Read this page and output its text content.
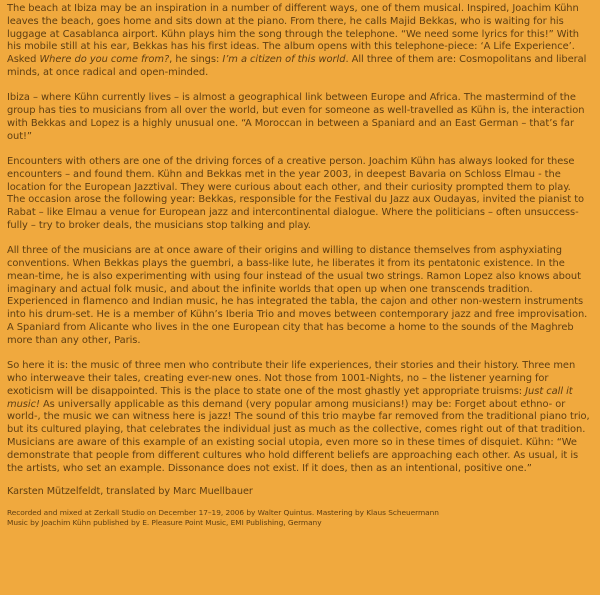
The beach at Ibiza may be an inspiration in a number of different ways, one of them musical. Inspired, Joachim Kühn leaves the beach, goes home and sits down at the piano. From there, he calls Majid Bekkas, who is waiting for his luggage at Casablanca airport. Kühn plays him the song through the telephone. “We need some lyrics for this!” With his mobile still at his ear, Bekkas has his first ideas. The album opens with this telephone-piece: ‘A Life Experience’. Asked Where do you come from?, he sings: I’m a citizen of this world. All three of them are: Cosmopolitans and liberal minds, at once radical and open-minded.

Ibiza – where Kühn currently lives – is almost a geographical link between Europe and Africa. The mastermind of the group has ties to musicians from all over the world, but even for someone as well-travelled as Kühn is, the interaction with Bekkas and Lopez is a highly unusual one. “A Moroccan in between a Spaniard and an East German – that’s far out!”

Encounters with others are one of the driving forces of a creative person. Joachim Kühn has always looked for these encounters – and found them. Kühn and Bekkas met in the year 2003, in deepest Bavaria on Schloss Elmau - the location for the European Jazztival. They were curious about each other, and their curiosity prompted them to play. The occasion arose the following year: Bekkas, responsible for the Festival du Jazz aux Oudayas, invited the pianist to Rabat – like Elmau a venue for European jazz and intercontinental dialogue. Where the politicians – often unsuccess-fully – try to broker deals, the musicians stop talking and play.

All three of the musicians are at once aware of their origins and willing to distance themselves from asphyxiating conventions. When Bekkas plays the guembri, a bass-like lute, he liberates it from its pentatonic existence. In the mean-time, he is also experimenting with using four instead of the usual two strings. Ramon Lopez also knows about imaginary and actual folk music, and about the infinite worlds that open up when one transcends tradition. Experienced in flamenco and Indian music, he has integrated the tabla, the cajon and other non-western instruments into his drum-set. He is a member of Kühn’s Iberia Trio and moves between contemporary jazz and free improvisation. A Spaniard from Alicante who lives in the one European city that has become a home to the sounds of the Maghreb more than any other, Paris.

So here it is: the music of three men who contribute their life experiences, their stories and their history. Three men who interweave their tales, creating ever-new ones. Not those from 1001-Nights, no – the listener yearning for exoticism will be disappointed. This is the place to state one of the most ghastly yet appropriate truisms: Just call it music! As universally applicable as this demand (very popular among musicians!) may be: Forget about ethno- or world-, the music we can witness here is jazz! The sound of this trio maybe far removed from the traditional piano trio, but its cultured playing, that celebrates the individual just as much as the collective, comes right out of that tradition. Musicians are aware of this example of an existing social utopia, even more so in these times of disquiet. Kühn: “We demonstrate that people from different cultures who hold different beliefs are approaching each other. As usual, it is the artists, who set an example. Dissonance does not exist. If it does, then as an intentional, positive one.”

Karsten Mützelfeldt, translated by Marc Muellbauer

Recorded and mixed at Zerkall Studio on December 17–19, 2006 by Walter Quintus. Mastering by Klaus Scheuermann

Music by Joachim Kühn published by E. Pleasure Point Music, EMI Publishing, Germany
